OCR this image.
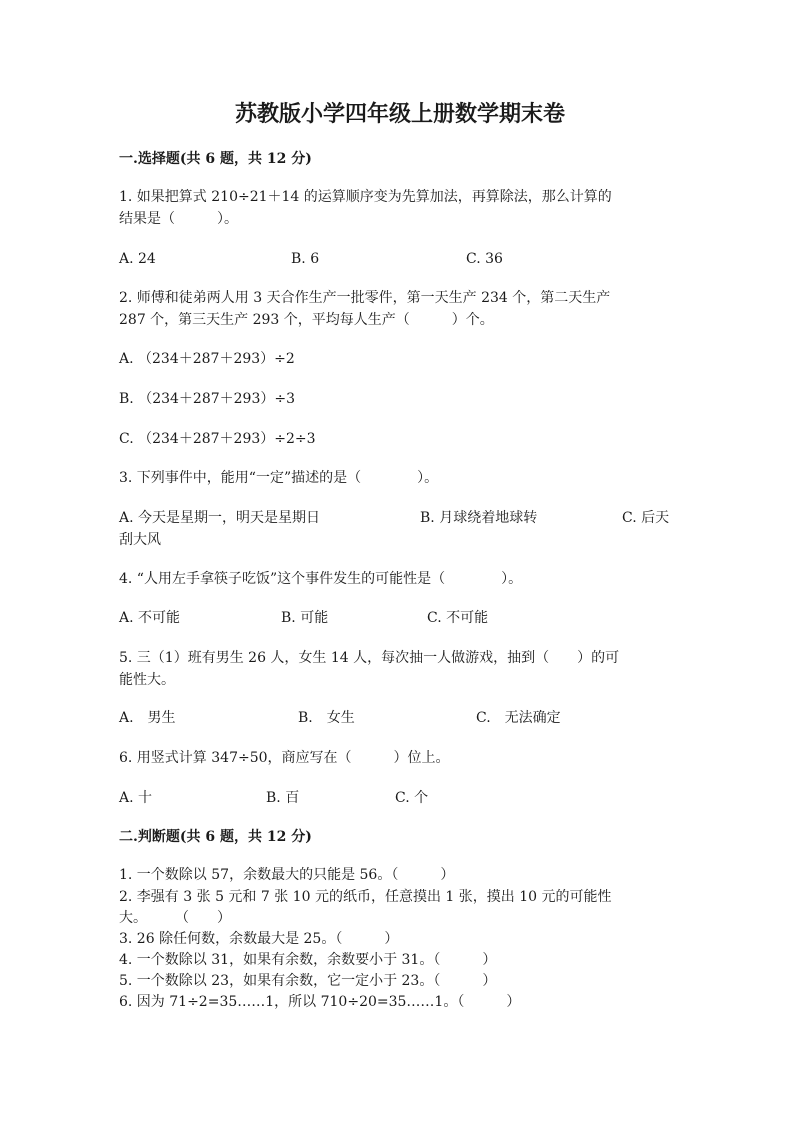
苏教版小学四年级上册数学期末卷
一.选择题(共 6 题，共 12 分)
1. 如果把算式 210÷21＋14 的运算顺序变为先算加法，再算除法，那么计算的
结果是（　　　）。
A. 24	B. 6	C. 36
2. 师傅和徒弟两人用 3 天合作生产一批零件，第一天生产 234 个，第二天生产
287 个，第三天生产 293 个，平均每人生产（　　　）个。
A. （234＋287＋293）÷2
B. （234＋287＋293）÷3
C. （234＋287＋293）÷2÷3
3. 下列事件中，能用“一定”描述的是（　　　　）。
A. 今天是星期一，明天是星期日	B. 月球绕着地球转	C. 后天
刮大风
4. “人用左手拿筷子吃饭”这个事件发生的可能性是（　　　　）。
A. 不可能	B. 可能	C. 不可能
5. 三（1）班有男生 26 人，女生 14 人，每次抽一人做游戏，抽到（　　）的可
能性大。
A.　男生	B.　女生	C.　无法确定
6. 用竖式计算 347÷50，商应写在（　　　）位上。
A. 十	B. 百	C. 个
二.判断题(共 6 题，共 12 分)
1. 一个数除以 57，余数最大的只能是 56。（　　　）
2. 李强有 3 张 5 元和 7 张 10 元的纸币，任意摸出 1 张，摸出 10 元的可能性
大。　　　（　　）
3. 26 除任何数，余数最大是 25。（　　　）
4. 一个数除以 31，如果有余数，余数要小于 31。（　　　）
5. 一个数除以 23，如果有余数，它一定小于 23。（　　　）
6. 因为 71÷2=35……1，所以 710÷20=35……1。（　　　）
